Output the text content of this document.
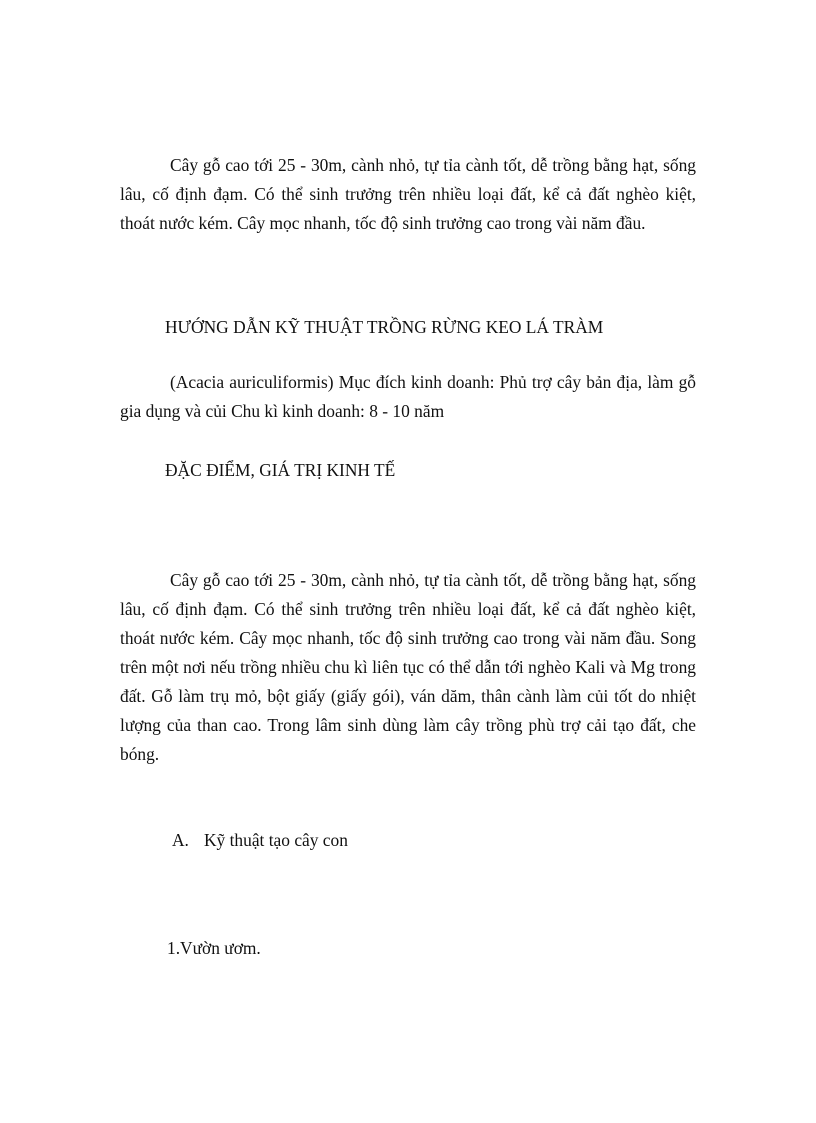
Cây gỗ cao tới 25 - 30m, cành nhỏ, tự tỉa cành tốt, dễ trồng bằng hạt, sống lâu, cố định đạm. Có thể sinh trưởng trên nhiều loại đất, kể cả đất nghèo kiệt, thoát nước kém. Cây mọc nhanh, tốc độ sinh trưởng cao trong vài năm đầu.

HƯỚNG DẪN KỸ THUẬT TRỒNG RỪNG KEO LÁ TRÀM

(Acacia auriculiformis) Mục đích kinh doanh: Phủ trợ cây bản địa, làm gỗ gia dụng và củi Chu kì kinh doanh: 8 - 10 năm

ĐẶC ĐIỂM, GIÁ TRỊ KINH TẾ

Cây gỗ cao tới 25 - 30m, cành nhỏ, tự tỉa cành tốt, dễ trồng bằng hạt, sống lâu, cố định đạm. Có thể sinh trưởng trên nhiều loại đất, kể cả đất nghèo kiệt, thoát nước kém. Cây mọc nhanh, tốc độ sinh trưởng cao trong vài năm đầu. Song trên một nơi nếu trồng nhiều chu kì liên tục có thể dẫn tới nghèo Kali và Mg trong đất. Gỗ làm trụ mỏ, bột giấy (giấy gói), ván dăm, thân cành làm củi tốt do nhiệt lượng của than cao. Trong lâm sinh dùng làm cây trồng phù trợ cải tạo đất, che bóng.

A. Kỹ thuật tạo cây con
1.Vườn ươm.
